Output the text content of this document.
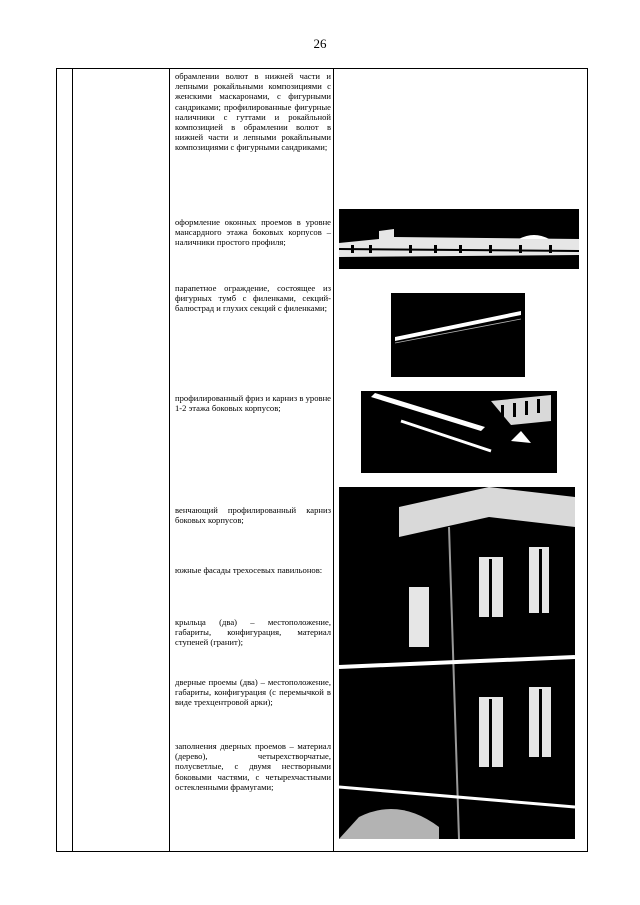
26
обрамлении волют в нижней части и лепными рокайльными композициями с женскими маскаронами, с фигурными сандриками; профилированные фигурные наличники с гуттами и рокайльной композицией в обрамлении волют в нижней части и лепными рокайльными композициями с фигурными сандриками;
оформление оконных проемов в уровне мансардного этажа боковых корпусов – наличники простого профиля;
парапетное ограждение, состоящее из фигурных тумб с филенками, секций-балюстрад и глухих секций с филенками;
профилированный фриз и карниз в уровне 1-2 этажа боковых корпусов;
венчающий профилированный карниз боковых корпусов;
южные фасады трехосевых павильонов:
крыльца (два) – местоположение, габариты, конфигурация, материал ступеней (гранит);
дверные проемы (два) – местоположение, габариты, конфигурация (с перемычкой в виде трехцентровой арки);
заполнения дверных проемов – материал (дерево), четырехстворчатые, полусветлые, с двумя нестворными боковыми частями, с четырехчастными остекленными фрамугами;
